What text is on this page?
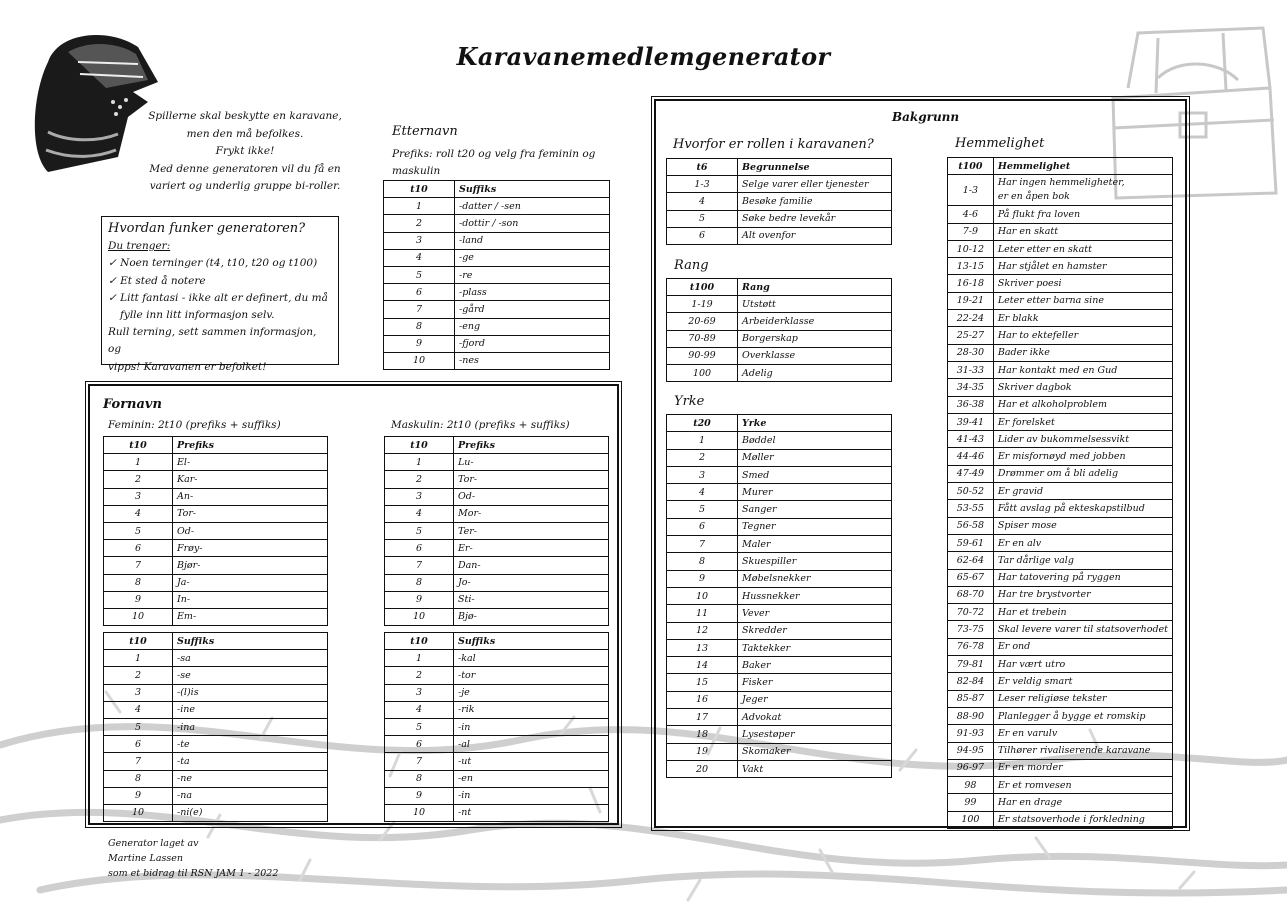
Karavanemedlemgenerator
Spillerne skal beskytte en karavane,
men den må befolkes.
Frykt ikke!
Med denne generatoren vil du få en
variert og underlig gruppe bi-roller.
Hvordan funker generatoren?
Du trenger:
✓ Noen terninger (t4, t10, t20 og t100)
✓ Et sted å notere
✓ Litt fantasi - ikke alt er definert, du må
fylle inn litt informasjon selv.
Rull terning, sett sammen informasjon, og
vipps! Karavanen er befolket!
Etternavn
Prefiks: roll t20 og velg fra feminin og
maskulin
t10	Suffiks
1	-datter / -sen
2	-dottir / -son
3	-land
4	-ge
5	-re
6	-plass
7	-gård
8	-eng
9	-fjord
10	-nes
Fornavn
Feminin: 2t10 (prefiks + suffiks)	Maskulin: 2t10 (prefiks + suffiks)
t10	Prefiks
1	El-
2	Kar-
3	An-
4	Tor-
5	Od-
6	Frøy-
7	Bjør-
8	Ja-
9	In-
10	Em-
t10	Suffiks
1	-sa
2	-se
3	-(l)is
4	-ine
5	-ina
6	-te
7	-ta
8	-ne
9	-na
10	-ni(e)
t10	Prefiks
1	Lu-
2	Tor-
3	Od-
4	Mor-
5	Ter-
6	Er-
7	Dan-
8	Jo-
9	Sti-
10	Bjø-
t10	Suffiks
1	-kal
2	-tor
3	-je
4	-rik
5	-in
6	-al
7	-ut
8	-en
9	-in
10	-nt
Bakgrunn
Hvorfor er rollen i karavanen?
t6	Begrunnelse
1-3	Selge varer eller tjenester
4	Besøke familie
5	Søke bedre levekår
6	Alt ovenfor
Rang
t100	Rang
1-19	Utstøtt
20-69	Arbeiderklasse
70-89	Borgerskap
90-99	Overklasse
100	Adelig
Yrke
t20	Yrke
1	Bøddel
2	Møller
3	Smed
4	Murer
5	Sanger
6	Tegner
7	Maler
8	Skuespiller
9	Møbelsnekker
10	Hussnekker
11	Vever
12	Skredder
13	Taktekker
14	Baker
15	Fisker
16	Jeger
17	Advokat
18	Lysestøper
19	Skomaker
20	Vakt
Hemmelighet
t100	Hemmelighet
1-3	Har ingen hemmeligheter,
er en åpen bok
4-6	På flukt fra loven
7-9	Har en skatt
10-12	Leter etter en skatt
13-15	Har stjålet en hamster
16-18	Skriver poesi
19-21	Leter etter barna sine
22-24	Er blakk
25-27	Har to ektefeller
28-30	Bader ikke
31-33	Har kontakt med en Gud
34-35	Skriver dagbok
36-38	Har et alkoholproblem
39-41	Er forelsket
41-43	Lider av bukommelsessvikt
44-46	Er misfornøyd med jobben
47-49	Drømmer om å bli adelig
50-52	Er gravid
53-55	Fått avslag på ekteskapstilbud
56-58	Spiser mose
59-61	Er en alv
62-64	Tar dårlige valg
65-67	Har tatovering på ryggen
68-70	Har tre brystvorter
70-72	Har et trebein
73-75	Skal levere varer til statsoverhodet
76-78	Er ond
79-81	Har vært utro
82-84	Er veldig smart
85-87	Leser religiøse tekster
88-90	Planlegger å bygge et romskip
91-93	Er en varulv
94-95	Tilhører rivaliserende karavane
96-97	Er en morder
98	Er et romvesen
99	Har en drage
100	Er statsoverhode i forkledning
Generator laget av
Martine Lassen
som et bidrag til RSN JAM 1 - 2022
